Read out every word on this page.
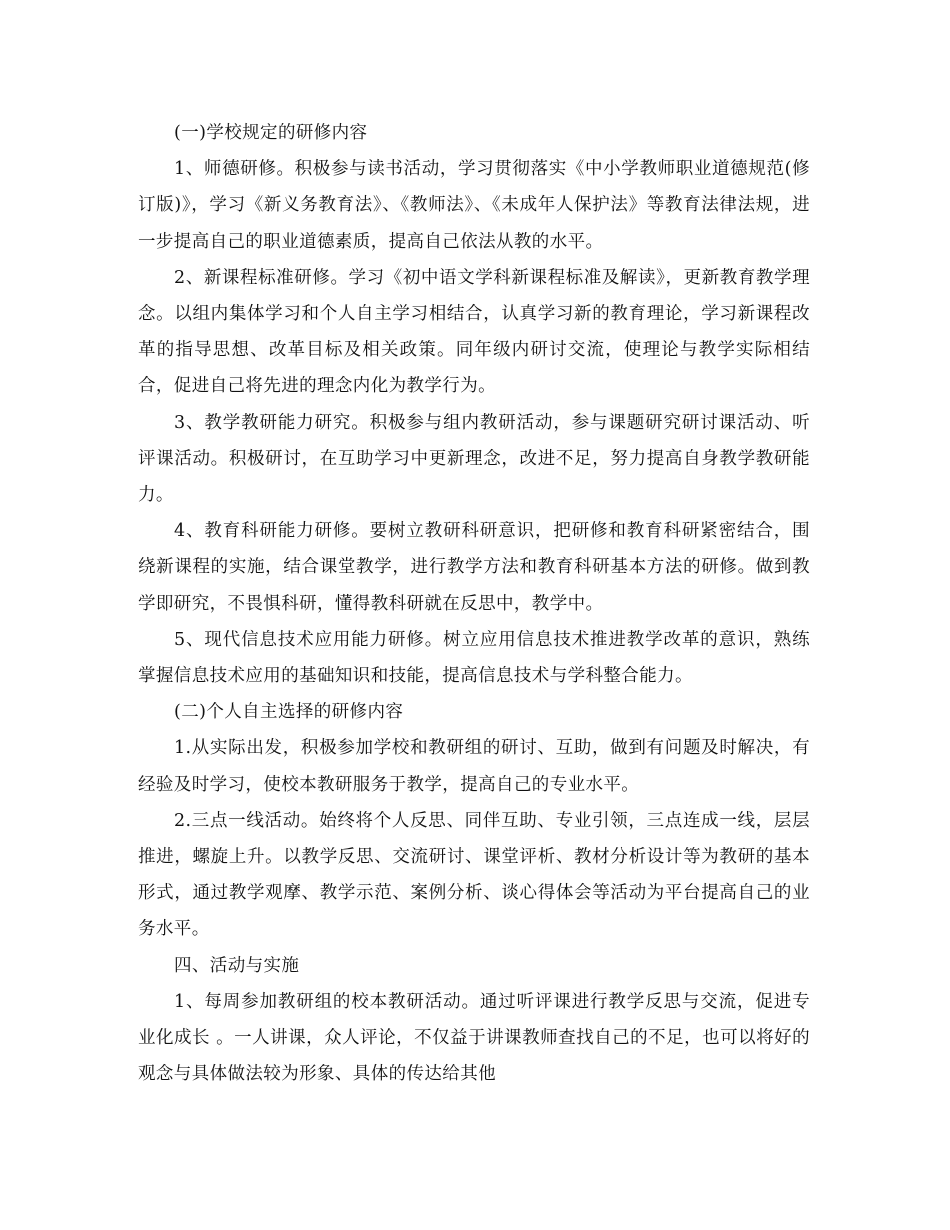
(一)学校规定的研修内容

1、师德研修。积极参与读书活动，学习贯彻落实《中小学教师职业道德规范(修订版)》，学习《新义务教育法》、《教师法》、《未成年人保护法》等教育法律法规，进一步提高自己的职业道德素质，提高自己依法从教的水平。

2、新课程标准研修。学习《初中语文学科新课程标准及解读》，更新教育教学理念。以组内集体学习和个人自主学习相结合，认真学习新的教育理论，学习新课程改革的指导思想、改革目标及相关政策。同年级内研讨交流，使理论与教学实际相结合，促进自己将先进的理念内化为教学行为。

3、教学教研能力研究。积极参与组内教研活动，参与课题研究研讨课活动、听评课活动。积极研讨，在互助学习中更新理念，改进不足，努力提高自身教学教研能力。

4、教育科研能力研修。要树立教研科研意识，把研修和教育科研紧密结合，围绕新课程的实施，结合课堂教学，进行教学方法和教育科研基本方法的研修。做到教学即研究，不畏惧科研，懂得教科研就在反思中，教学中。

5、现代信息技术应用能力研修。树立应用信息技术推进教学改革的意识，熟练掌握信息技术应用的基础知识和技能，提高信息技术与学科整合能力。

(二)个人自主选择的研修内容

1.从实际出发，积极参加学校和教研组的研讨、互助，做到有问题及时解决，有经验及时学习，使校本教研服务于教学，提高自己的专业水平。

2.三点一线活动。始终将个人反思、同伴互助、专业引领，三点连成一线，层层推进，螺旋上升。以教学反思、交流研讨、课堂评析、教材分析设计等为教研的基本形式，通过教学观摩、教学示范、案例分析、谈心得体会等活动为平台提高自己的业务水平。

四、活动与实施

1、每周参加教研组的校本教研活动。通过听评课进行教学反思与交流，促进专业化成长 。一人讲课，众人评论，不仅益于讲课教师查找自己的不足，也可以将好的观念与具体做法较为形象、具体的传达给其他
